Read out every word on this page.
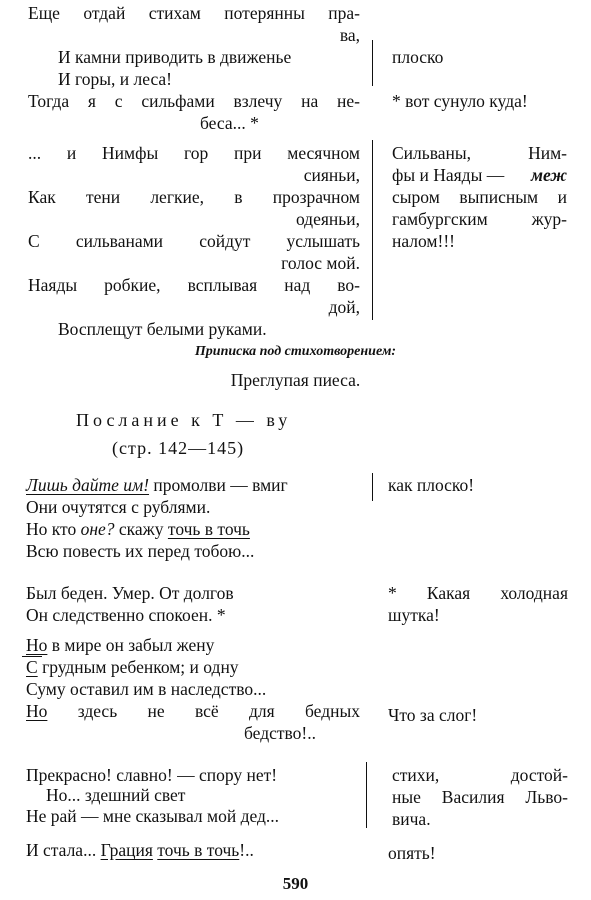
Еще отдай стихам потерянны пра-
ва,
И камни приводить в движенье
И горы, и леса!
Тогда я с сильфами взлечу на не-
беса... *
плоско
* вот сунуло куда!
... и Нимфы гор при месячном
сияньи,
Как тени легкие, в прозрачном
одеяньи,
С сильванами сойдут услышать
голос мой.
Наяды робкие, всплывая над во-
дой,
Восплещут белыми руками.
Сильваны, Ним-
фы и Наяды — меж
сыром выписным и
гамбургским жур-
налом!!!
Приписка под стихотворением:
Преглупая пиеса.
Послание к Т — ву
(стр. 142—145)
Лишь дайте им! промолви — вмиг
Они очутятся с рублями.
Но кто оне? скажу точь в точь
Всю повесть их перед тобою...
как плоско!
Был беден. Умер. От долгов
Он следственно спокоен. *
* Какая холодная
шутка!
Но в мире он забыл жену
С грудным ребенком; и одну
Суму оставил им в наследство...
Но здесь не всё для бедных
бедство!..
Что за слог!
Прекрасно! славно! — спору нет!
Но... здешний свет
Не рай — мне сказывал мой дед...
И стала... Грация точь в точь!..
стихи, достой-
ные Василия Льво-
вича.
опять!
590
